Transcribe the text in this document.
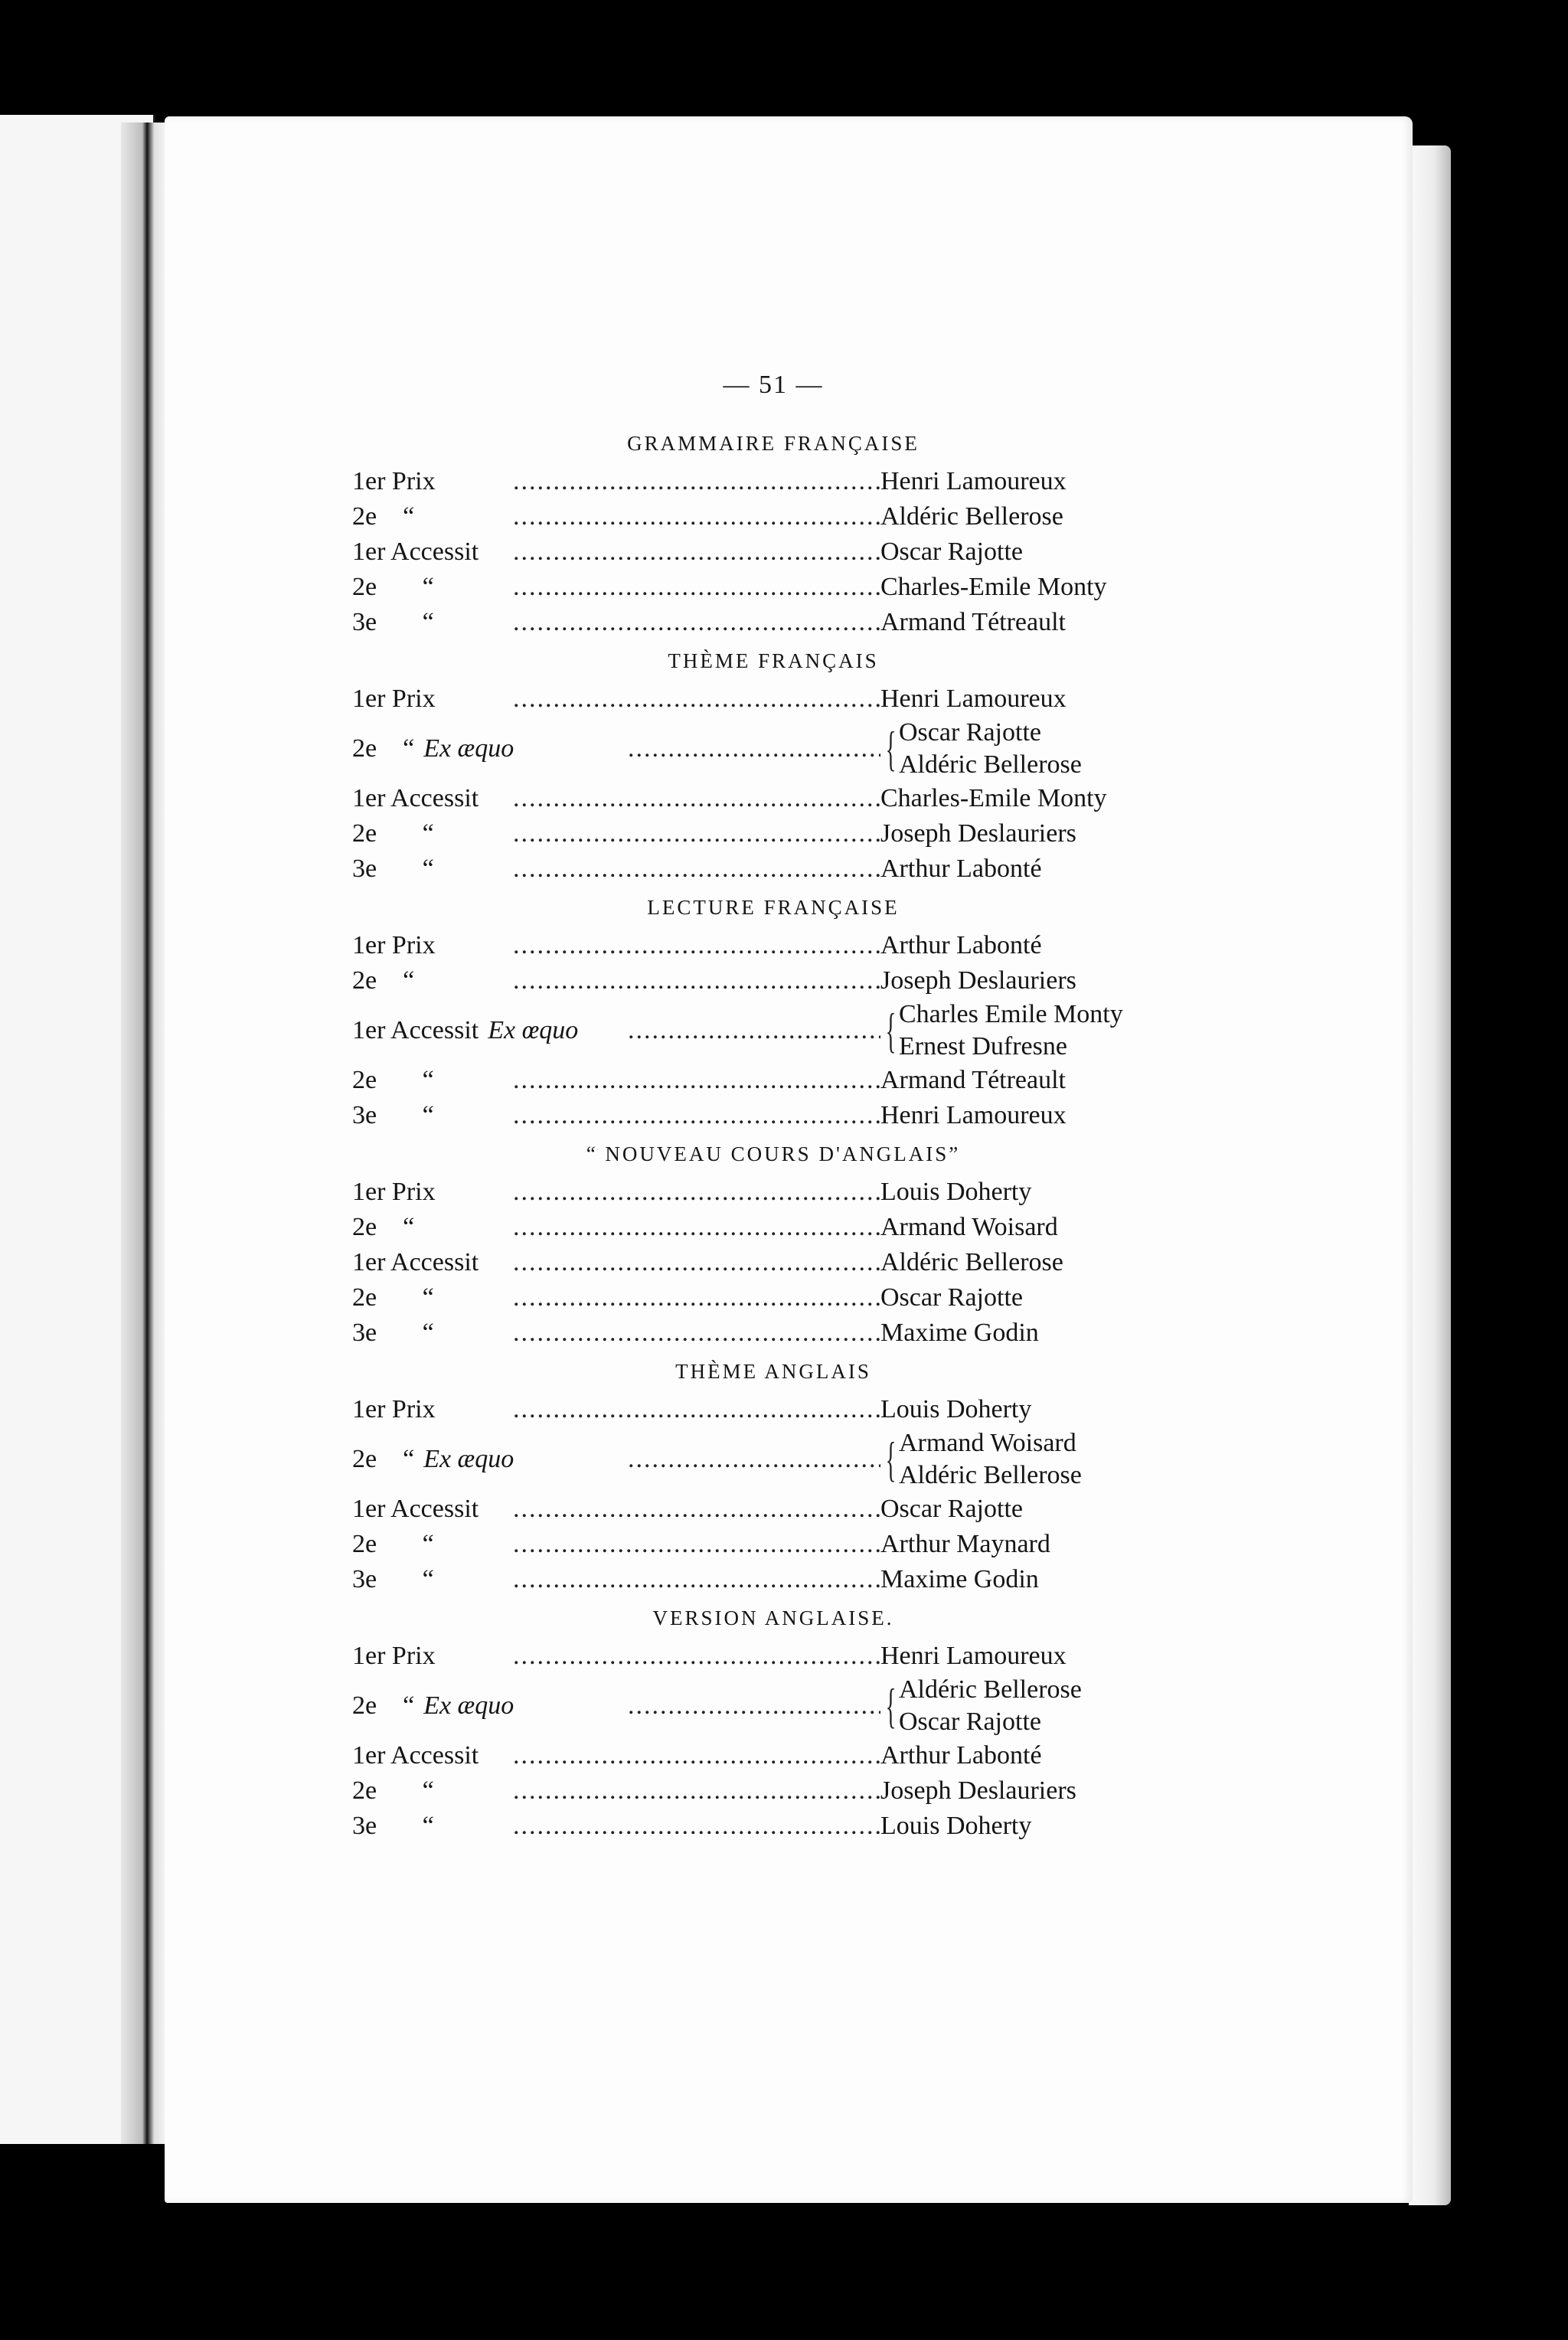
— 51 —
GRAMMAIRE FRANÇAISE
1er Prix .....	Henri Lamoureux
2e    “ .....	Aldéric Bellerose
1er Accessit .....	Oscar Rajotte
2e       “ .....	Charles-Emile Monty
3e       “ .....	Armand Tétreault
THÈME FRANÇAIS
1er Prix .....	Henri Lamoureux
2e    “ Ex æquo .....	{ Oscar Rajotte
Aldéric Bellerose
1er Accessit .....	Charles-Emile Monty
2e       “ .....	Joseph Deslauriers
3e       “ .....	Arthur Labonté
LECTURE FRANÇAISE
1er Prix .....	Arthur Labonté
2e    “ .....	Joseph Deslauriers
1er Accessit Ex œquo .....	{ Charles Emile Monty
Ernest Dufresne
2e       “ .....	Armand Tétreault
3e       “ .....	Henri Lamoureux
“ NOUVEAU COURS D'ANGLAIS”
1er Prix .....	Louis Doherty
2e    “ .....	Armand Woisard
1er Accessit .....	Aldéric Bellerose
2e       “ .....	Oscar Rajotte
3e       “ .....	Maxime Godin
THÈME ANGLAIS
1er Prix .....	Louis Doherty
2e    “ Ex æquo .....	{ Armand Woisard
Aldéric Bellerose
1er Accessit .....	Oscar Rajotte
2e       “ .....	Arthur Maynard
3e       “ .....	Maxime Godin
VERSION ANGLAISE.
1er Prix .....	Henri Lamoureux
2e    “ Ex æquo .....	{ Aldéric Bellerose
Oscar Rajotte
1er Accessit .....	Arthur Labonté
2e       “ .....	Joseph Deslauriers
3e       “ .....	Louis Doherty
